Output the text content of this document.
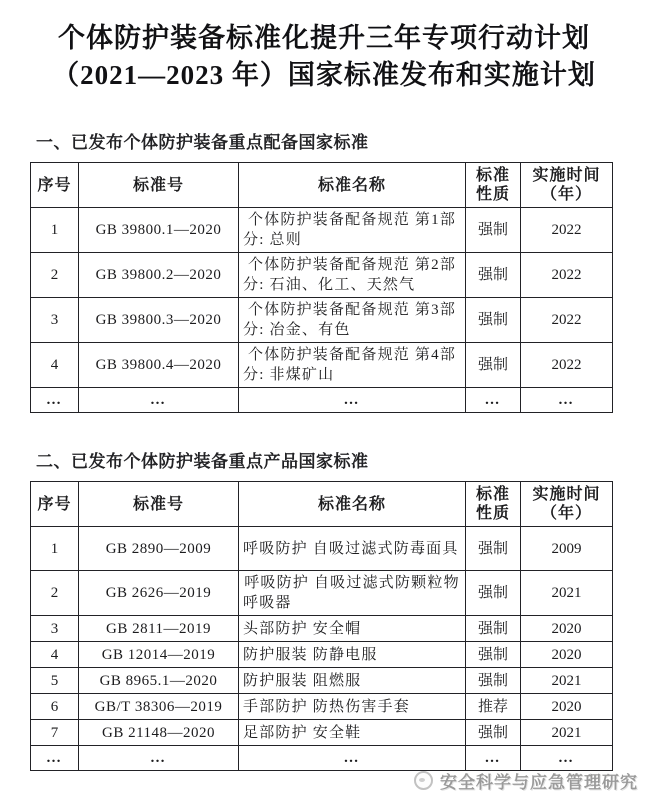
个体防护装备标准化提升三年专项行动计划
（2021—2023 年）国家标准发布和实施计划
一、已发布个体防护装备重点配备国家标准
序号	标准号	标准名称	标准性质	实施时间（年）
1	GB 39800.1—2020	个体防护装备配备规范 第1部分: 总则	强制	2022
2	GB 39800.2—2020	个体防护装备配备规范 第2部分: 石油、化工、天然气	强制	2022
3	GB 39800.3—2020	个体防护装备配备规范 第3部分: 冶金、有色	强制	2022
4	GB 39800.4—2020	个体防护装备配备规范 第4部分: 非煤矿山	强制	2022
…	…	…	…	…
二、已发布个体防护装备重点产品国家标准
序号	标准号	标准名称	标准性质	实施时间（年）
1	GB 2890—2009	呼吸防护 自吸过滤式防毒面具	强制	2009
2	GB 2626—2019	呼吸防护 自吸过滤式防颗粒物呼吸器	强制	2021
3	GB 2811—2019	头部防护 安全帽	强制	2020
4	GB 12014—2019	防护服装 防静电服	强制	2020
5	GB 8965.1—2020	防护服装 阻燃服	强制	2021
6	GB/T 38306—2019	手部防护 防热伤害手套	推荐	2020
7	GB 21148—2020	足部防护 安全鞋	强制	2021
…	…	…	…	…
安全科学与应急管理研究
